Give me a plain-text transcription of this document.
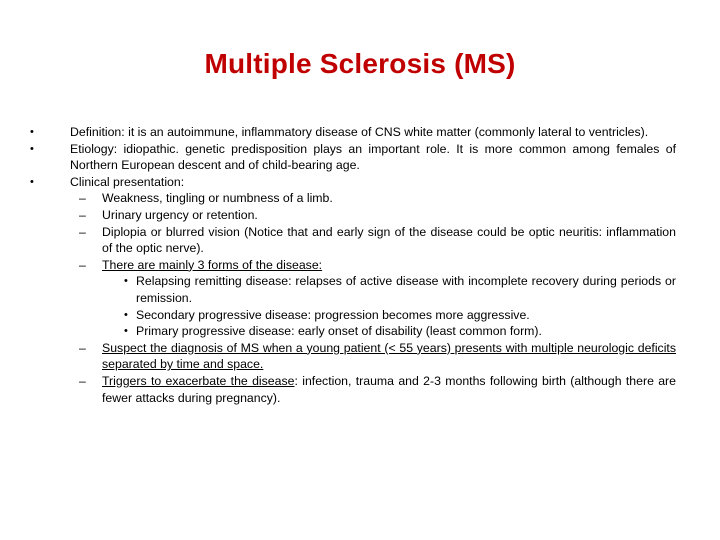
Multiple Sclerosis (MS)
•	Definition: it is an autoimmune, inflammatory disease of CNS white matter (commonly lateral to ventricles).
•	Etiology: idiopathic. genetic predisposition plays an important role. It is more common among females of Northern European descent and of child-bearing age.
•	Clinical presentation:
– Weakness, tingling or numbness of a limb.
– Urinary urgency or retention.
– Diplopia or blurred vision (Notice that and early sign of the disease could be optic neuritis: inflammation of the optic nerve).
– There are mainly 3 forms of the disease:
• Relapsing remitting disease: relapses of active disease with incomplete recovery during periods or remission.
• Secondary progressive disease: progression becomes more aggressive.
• Primary progressive disease: early onset of disability (least common form).
– Suspect the diagnosis of MS when a young patient (< 55 years) presents with multiple neurologic deficits separated by time and space.
– Triggers to exacerbate the disease: infection, trauma and 2-3 months following birth (although there are fewer attacks during pregnancy).
